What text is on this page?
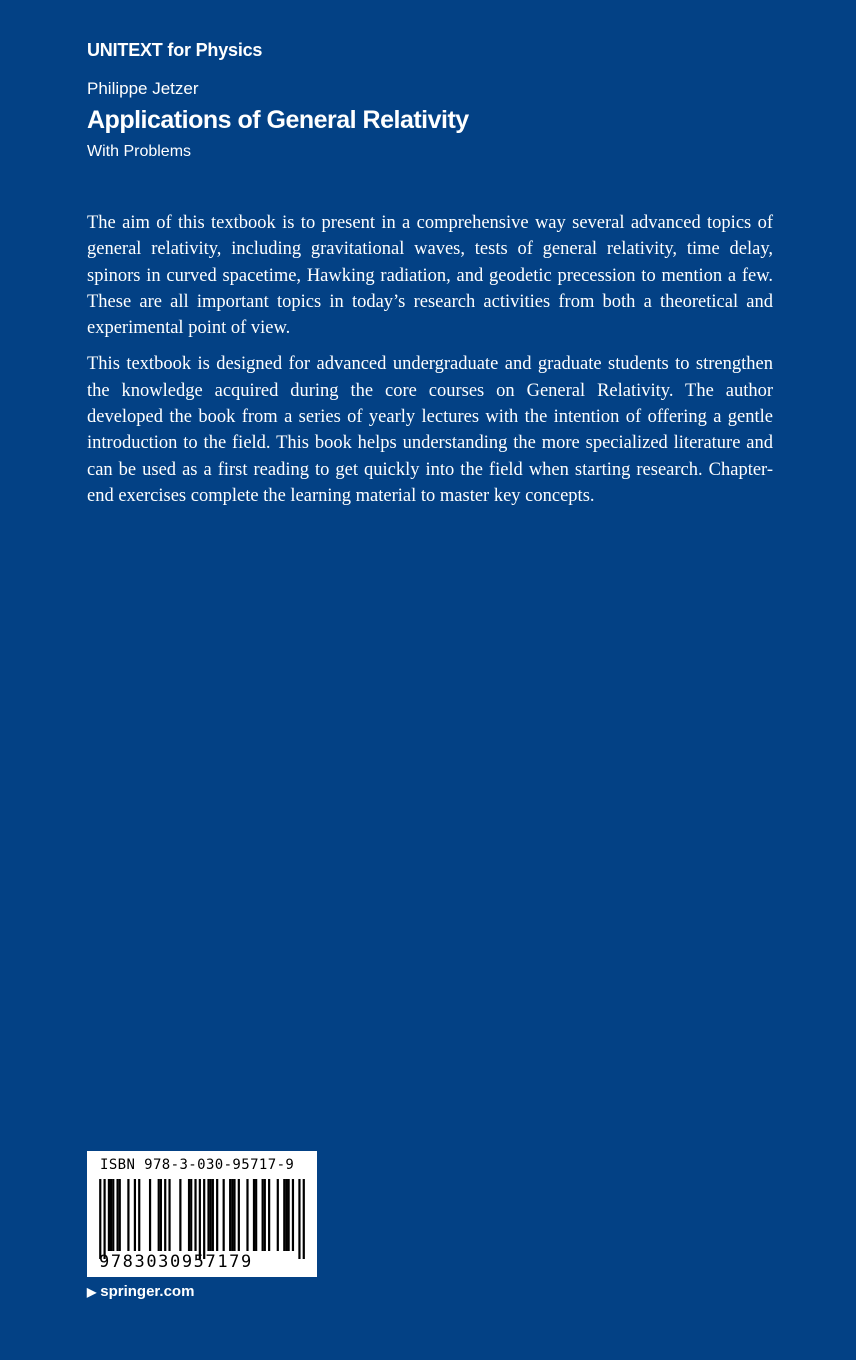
UNITEXT for Physics
Philippe Jetzer
Applications of General Relativity
With Problems

The aim of this textbook is to present in a comprehensive way several advanced topics of general relativity, including gravitational waves, tests of general relativity, time delay, spinors in curved spacetime, Hawking radiation, and geodetic precession to mention a few. These are all important topics in today’s research activities from both a theoretical and experimental point of view.

This textbook is designed for advanced undergraduate and graduate students to strengthen the knowledge acquired during the core courses on General Relativity. The author developed the book from a series of yearly lectures with the intention of offering a gentle introduction to the field. This book helps understanding the more specialized literature and can be used as a first reading to get quickly into the field when starting research. Chapter-end exercises complete the learning material to master key concepts.

ISBN 978-3-030-95717-9
9783030957179
▶ springer.com
